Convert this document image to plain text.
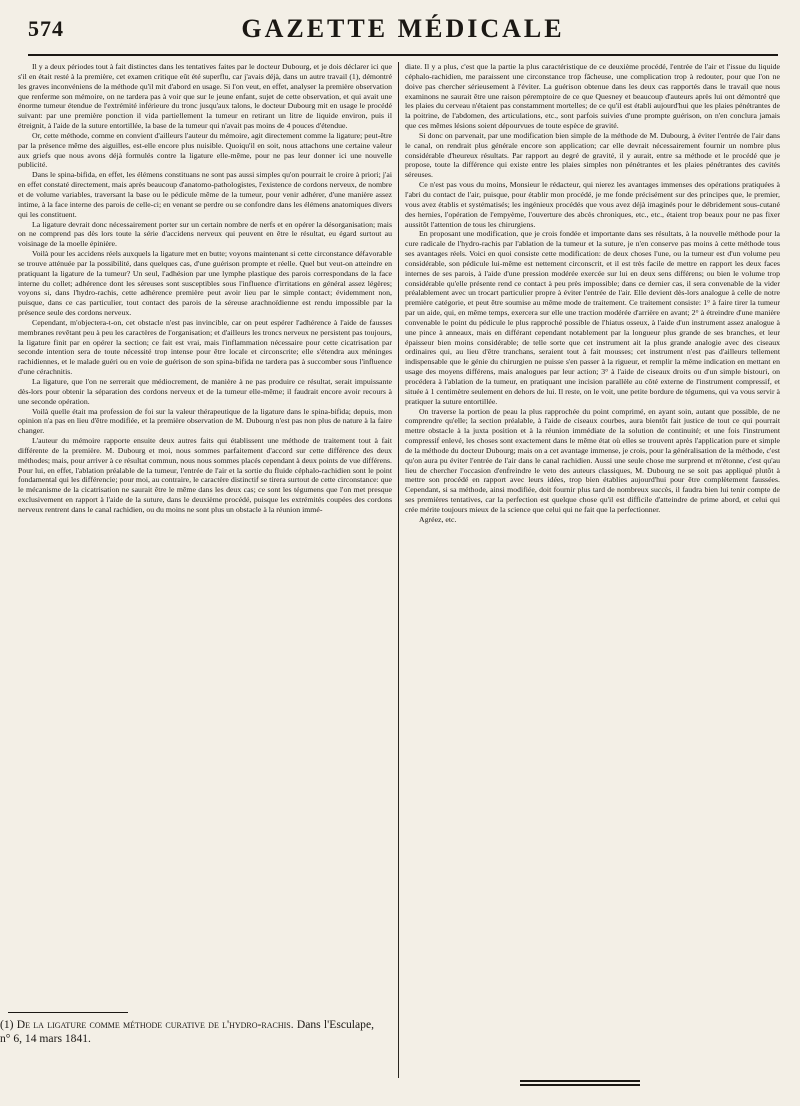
574	GAZETTE MÉDICALE

Il y a deux périodes tout à fait distinctes dans les tentatives faites par le docteur Dubourg, et je dois déclarer ici que s'il en était resté à la première, cet examen critique eût été superflu, car j'avais déjà, dans un autre travail (1), démontré les graves inconvéniens de la méthode qu'il mit d'abord en usage. Si l'on veut, en effet, analyser la première observation que renferme son mémoire, on ne tardera pas à voir que sur le jeune enfant, sujet de cette observation, et qui avait une énorme tumeur étendue de l'extrémité inférieure du tronc jusqu'aux talons, le docteur Dubourg mit en usage le procédé suivant: par une première ponction il vida partiellement la tumeur en retirant un litre de liquide environ, puis il étreignit, à l'aide de la suture entortillée, la base de la tumeur qui n'avait pas moins de 4 pouces d'étendue.

Or, cette méthode, comme en convient d'ailleurs l'auteur du mémoire, agit directement comme la ligature; peut-être par la présence même des aiguilles, est-elle encore plus nuisible. Quoiqu'il en soit, nous attachons une certaine valeur aux griefs que nous avons déjà formulés contre la ligature elle-même, pour ne pas leur donner ici une nouvelle publicité.

Dans le spina-bifida, en effet, les élémens constituans ne sont pas aussi simples qu'on pourrait le croire à priori; j'ai en effet constaté directement, mais après beaucoup d'anatomo-pathologistes, l'existence de cordons nerveux, de nombre et de volume variables, traversant la base ou le pédicule même de la tumeur, pour venir adhérer, d'une manière assez intime, à la face interne des parois de celle-ci; en venant se perdre ou se confondre dans les élémens anatomiques divers qui les constituent.

La ligature devrait donc nécessairement porter sur un certain nombre de nerfs et en opérer la désorganisation; mais on ne comprend pas dès lors toute la série d'accidens nerveux qui peuvent en être le résultat, eu égard surtout au voisinage de la moelle épinière.

Voilà pour les accidens réels auxquels la ligature met en butte; voyons maintenant si cette circonstance défavorable se trouve atténuée par la possibilité, dans quelques cas, d'une guérison prompte et réelle. Quel but veut-on atteindre en pratiquant la ligature de la tumeur? Un seul, l'adhésion par une lymphe plastique des parois correspondans de la face interne du collet; adhérence dont les séreuses sont susceptibles sous l'influence d'irritations en général assez légères; voyons si, dans l'hydro-rachis, cette adhérence première peut avoir lieu par le simple contact; évidemment non, puisque, dans ce cas particulier, tout contact des parois de la séreuse arachnoïdienne est rendu impossible par la présence seule des cordons nerveux.

Cependant, m'objectera-t-on, cet obstacle n'est pas invincible, car on peut espérer l'adhérence à l'aide de fausses membranes revêtant peu à peu les caractères de l'organisation; et d'ailleurs les troncs nerveux ne persistent pas toujours, la ligature finit par en opérer la section; ce fait est vrai, mais l'inflammation nécessaire pour cette cicatrisation par seconde intention sera de toute nécessité trop intense pour être locale et circonscrite; elle s'étendra aux méninges rachidiennes, et le malade guéri ou en voie de guérison de son spina-bifida ne tardera pas à succomber sous l'influence d'une cérachnitis.

La ligature, que l'on ne serrerait que médiocrement, de manière à ne pas produire ce résultat, serait impuissante dès-lors pour obtenir la séparation des cordons nerveux et de la tumeur elle-même; il faudrait encore avoir recours à une seconde opération.

Voilà quelle était ma profession de foi sur la valeur thérapeutique de la ligature dans le spina-bifida; depuis, mon opinion n'a pas en lieu d'être modifiée, et la première observation de M. Dubourg n'est pas non plus de nature à la faire changer.

L'auteur du mémoire rapporte ensuite deux autres faits qui établissent une méthode de traitement tout à fait différente de la première. M. Dubourg et moi, nous sommes parfaitement d'accord sur cette différence des deux méthodes; mais, pour arriver à ce résultat commun, nous nous sommes placés cependant à deux points de vue différens. Pour lui, en effet, l'ablation préalable de la tumeur, l'entrée de l'air et la sortie du fluide céphalo-rachidien sont le point fondamental qui les différencie; pour moi, au contraire, le caractère distinctif se tirera surtout de cette circonstance: que le mécanisme de la cicatrisation ne saurait être le même dans les deux cas; ce sont les tégumens que l'on met presque exclusivement en rapport à l'aide de la suture, dans le deuxième procédé, puisque les extrémités coupées des cordons nerveux rentrent dans le canal rachidien, ou du moins ne sont plus un obstacle à la réunion immé-

diate. Il y a plus, c'est que la partie la plus caractéristique de ce deuxième procédé, l'entrée de l'air et l'issue du liquide céphalo-rachidien, me paraissent une circonstance trop fâcheuse, une complication trop à redouter, pour que l'on ne doive pas chercher sérieusement à l'éviter. La guérison obtenue dans les deux cas rapportés dans le travail que nous examinons ne saurait être une raison péremptoire de ce que Quesney et beaucoup d'auteurs après lui ont démontré que les plaies du cerveau n'étaient pas constamment mortelles; de ce qu'il est établi aujourd'hui que les plaies pénétrantes de la poitrine, de l'abdomen, des articulations, etc., sont parfois suivies d'une prompte guérison, on n'en conclura jamais que ces mêmes lésions soient dépourvues de toute espèce de gravité.

Si donc on parvenait, par une modification bien simple de la méthode de M. Dubourg, à éviter l'entrée de l'air dans le canal, on rendrait plus générale encore son application; car elle devrait nécessairement fournir un nombre plus considérable d'heureux résultats. Par rapport au degré de gravité, il y aurait, entre sa méthode et le procédé que je propose, toute la différence qui existe entre les plaies simples non pénétrantes et les plaies pénétrantes des cavités séreuses.

Ce n'est pas vous du moins, Monsieur le rédacteur, qui nierez les avantages immenses des opérations pratiquées à l'abri du contact de l'air, puisque, pour établir mon procédé, je me fonde précisément sur des principes que, le premier, vous avez établis et systématisés; les ingénieux procédés que vous avez déjà imaginés pour le débridement sous-cutané des hernies, l'opération de l'empyème, l'ouverture des abcès chroniques, etc., etc., étaient trop beaux pour ne pas fixer aussitôt l'attention de tous les chirurgiens.

En proposant une modification, que je crois fondée et importante dans ses résultats, à la nouvelle méthode pour la cure radicale de l'hydro-rachis par l'ablation de la tumeur et la suture, je n'en conserve pas moins à cette méthode tous ses avantages réels. Voici en quoi consiste cette modification: de deux choses l'une, ou la tumeur est d'un volume peu considérable, son pédicule lui-même est nettement circonscrit, et il est très facile de mettre en rapport les deux faces internes de ses parois, à l'aide d'une pression modérée exercée sur lui en deux sens différens; ou bien le volume trop considérable qu'elle présente rend ce contact à peu près impossible; dans ce dernier cas, il sera convenable de la vider préalablement avec un trocart particulier propre à éviter l'entrée de l'air. Elle devient dès-lors analogue à celle de notre première catégorie, et peut être soumise au même mode de traitement. Ce traitement consiste: 1° à faire tirer la tumeur par un aide, qui, en même temps, exercera sur elle une traction modérée d'arrière en avant; 2° à étreindre d'une manière convenable le point du pédicule le plus rapproché possible de l'hiatus osseux, à l'aide d'un instrument assez analogue à une pince à anneaux, mais en différant cependant notablement par la longueur plus grande de ses branches, et leur épaisseur bien moins considérable; de telle sorte que cet instrument ait la plus grande analogie avec des ciseaux ordinaires qui, au lieu d'être tranchans, seraient tout à fait mousses; cet instrument n'est pas d'ailleurs tellement indispensable que le génie du chirurgien ne puisse s'en passer à la rigueur, et remplir la même indication en mettant en usage des moyens différens, mais analogues par leur action; 3° à l'aide de ciseaux droits ou d'un simple bistouri, on procédera à l'ablation de la tumeur, en pratiquant une incision parallèle au côté externe de l'instrument compressif, et située à 1 centimètre seulement en dehors de lui. Il reste, on le voit, une petite bordure de tégumens, qui va vous servir à pratiquer la suture entortillée.

On traverse la portion de peau la plus rapprochée du point comprimé, en ayant soin, autant que possible, de ne comprendre qu'elle; la section préalable, à l'aide de ciseaux courbes, aura bientôt fait justice de tout ce qui pourrait mettre obstacle à la juxta position et à la réunion immédiate de la solution de continuité; et une fois l'instrument compressif enlevé, les choses sont exactement dans le même état où elles se trouvent après l'application pure et simple de la méthode du docteur Dubourg; mais on a cet avantage immense, je crois, pour la généralisation de la méthode, c'est qu'on aura pu éviter l'entrée de l'air dans le canal rachidien. Aussi une seule chose me surprend et m'étonne, c'est qu'au lieu de chercher l'occasion d'enfreindre le veto des auteurs classiques, M. Dubourg ne se soit pas appliqué plutôt à mettre son procédé en rapport avec leurs idées, trop bien établies aujourd'hui pour être complètement faussées. Cependant, si sa méthode, ainsi modifiée, doit fournir plus tard de nombreux succès, il faudra bien lui tenir compte de ses premières tentatives, car la perfection est quelque chose qu'il est difficile d'atteindre de prime abord, et celui qui crée mérite toujours mieux de la science que celui qui ne fait que la perfectionner.

Agréez, etc.

(1) De la ligature comme méthode curative de l'hydro-rachis. Dans l'Esculape, n° 6, 14 mars 1841.
